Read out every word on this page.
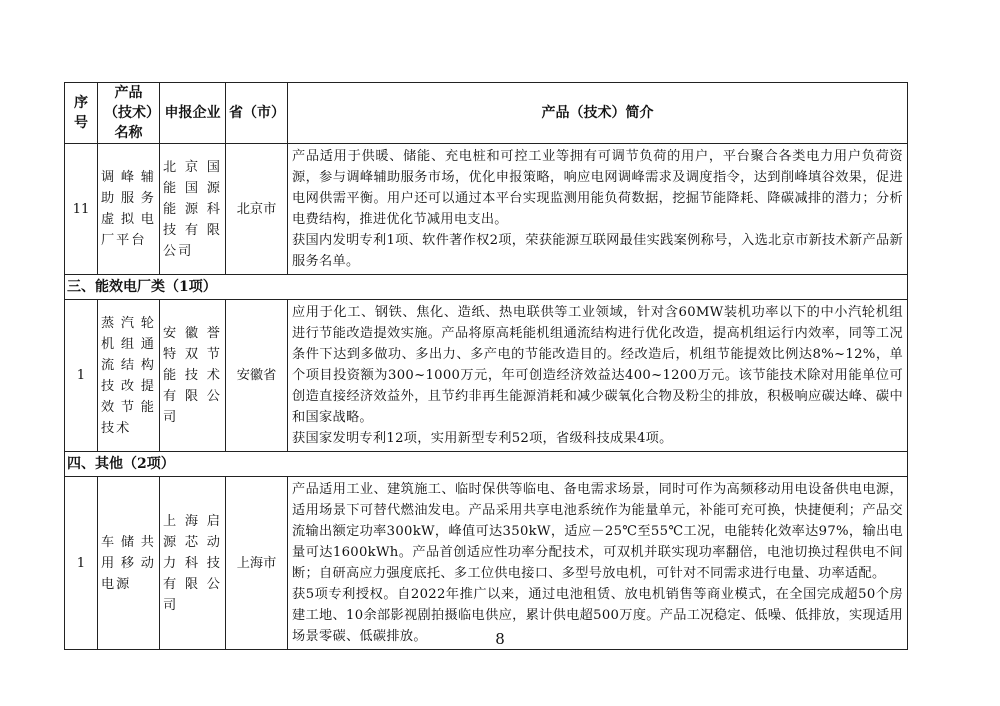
序号	产品（技术）名称	申报企业	省（市）	产品（技术）简介
11	调峰辅助服务虚拟电厂平台	北京国能国源能源科技有限公司	北京市	产品适用于供暖、储能、充电桩和可控工业等拥有可调节负荷的用户，平台聚合各类电力用户负荷资源，参与调峰辅助服务市场，优化申报策略，响应电网调峰需求及调度指令，达到削峰填谷效果，促进电网供需平衡。用户还可以通过本平台实现监测用能负荷数据，挖掘节能降耗、降碳减排的潜力；分析电费结构，推进优化节减用电支出。
获国内发明专利1项、软件著作权2项，荣获能源互联网最佳实践案例称号，入选北京市新技术新产品新服务名单。

三、能效电厂类（1项）				
1	蒸汽轮机组通流结构技改提效节能技术	安徽誉特双节能技术有限公司	安徽省	应用于化工、钢铁、焦化、造纸、热电联供等工业领域，针对含60MW装机功率以下的中小汽轮机组进行节能改造提效实施。产品将原高耗能机组通流结构进行优化改造，提高机组运行内效率，同等工况条件下达到多做功、多出力、多产电的节能改造目的。经改造后，机组节能提效比例达8%~12%，单个项目投资额为300~1000万元，年可创造经济效益达400~1200万元。该节能技术除对用能单位可创造直接经济效益外，且节约非再生能源消耗和减少碳氧化合物及粉尘的排放，积极响应碳达峰、碳中和国家战略。
获国家发明专利12项，实用新型专利52项，省级科技成果4项。

四、其他（2项）				
1	车储共用移动电源	上海启源芯动力科技有限公司	上海市	产品适用工业、建筑施工、临时保供等临电、备电需求场景，同时可作为高频移动用电设备供电电源，适用场景下可替代燃油发电。产品采用共享电池系统作为能量单元，补能可充可换，快捷便利；产品交流输出额定功率300kW，峰值可达350kW，适应－25℃至55℃工况，电能转化效率达97%，输出电量可达1600kWh。产品首创适应性功率分配技术，可双机并联实现功率翻倍，电池切换过程供电不间断；自研高应力强度底托、多工位供电接口、多型号放电机，可针对不同需求进行电量、功率适配。
获5项专利授权。自2022年推广以来，通过电池租赁、放电机销售等商业模式，在全国完成超50个房建工地、10余部影视剧拍摄临电供应，累计供电超500万度。产品工况稳定、低噪、低排放，实现适用场景零碳、低碳排放。	8
